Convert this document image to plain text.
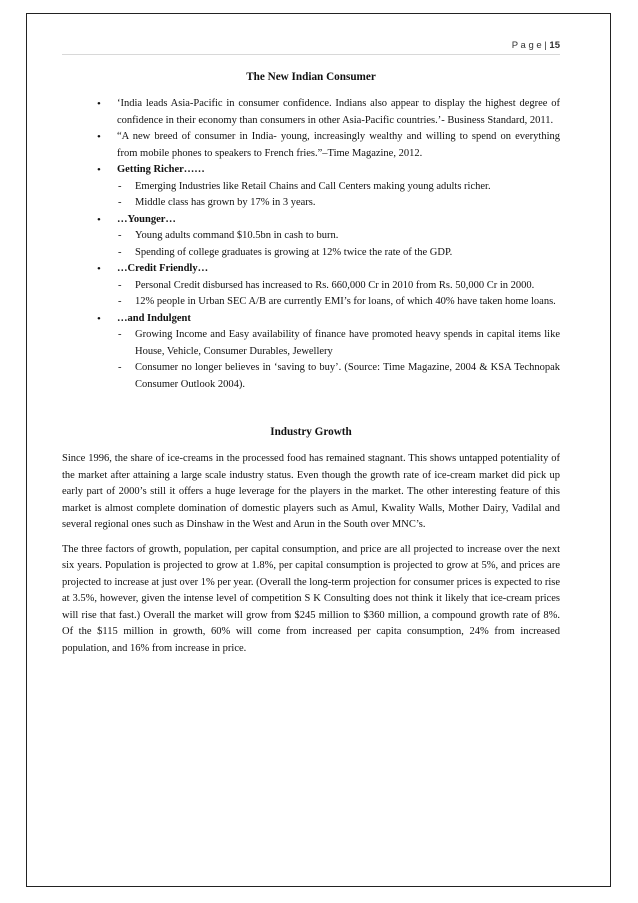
P a g e | 15
The New Indian Consumer
• ‘India leads Asia-Pacific in consumer confidence. Indians also appear to display the highest degree of confidence in their economy than consumers in other Asia-Pacific countries.’- Business Standard, 2011.
• “A new breed of consumer in India- young, increasingly wealthy and willing to spend on everything from mobile phones to speakers to French fries.”–Time Magazine, 2012.
• Getting Richer……
- Emerging Industries like Retail Chains and Call Centers making young adults richer.
- Middle class has grown by 17% in 3 years.
• …Younger…
- Young adults command $10.5bn in cash to burn.
- Spending of college graduates is growing at 12% twice the rate of the GDP.
• …Credit Friendly…
- Personal Credit disbursed has increased to Rs. 660,000 Cr in 2010 from Rs. 50,000 Cr in 2000.
- 12% people in Urban SEC A/B are currently EMI’s for loans, of which 40% have taken home loans.
• …and Indulgent
- Growing Income and Easy availability of finance have promoted heavy spends in capital items like House, Vehicle, Consumer Durables, Jewellery
- Consumer no longer believes in ‘saving to buy’. (Source: Time Magazine, 2004 & KSA Technopak Consumer Outlook 2004).
Industry Growth

Since 1996, the share of ice-creams in the processed food has remained stagnant. This shows untapped potentiality of the market after attaining a large scale industry status. Even though the growth rate of ice-cream market did pick up early part of 2000’s still it offers a huge leverage for the players in the market. The other interesting feature of this market is almost complete domination of domestic players such as Amul, Kwality Walls, Mother Dairy, Vadilal and several regional ones such as Dinshaw in the West and Arun in the South over MNC’s.

The three factors of growth, population, per capital consumption, and price are all projected to increase over the next six years. Population is projected to grow at 1.8%, per capital consumption is projected to grow at 5%, and prices are projected to increase at just over 1% per year. (Overall the long-term projection for consumer prices is expected to rise at 3.5%, however, given the intense level of competition S K Consulting does not think it likely that ice-cream prices will rise that fast.) Overall the market will grow from $245 million to $360 million, a compound growth rate of 8%. Of the $115 million in growth, 60% will come from increased per capita consumption, 24% from increased population, and 16% from increase in price.
